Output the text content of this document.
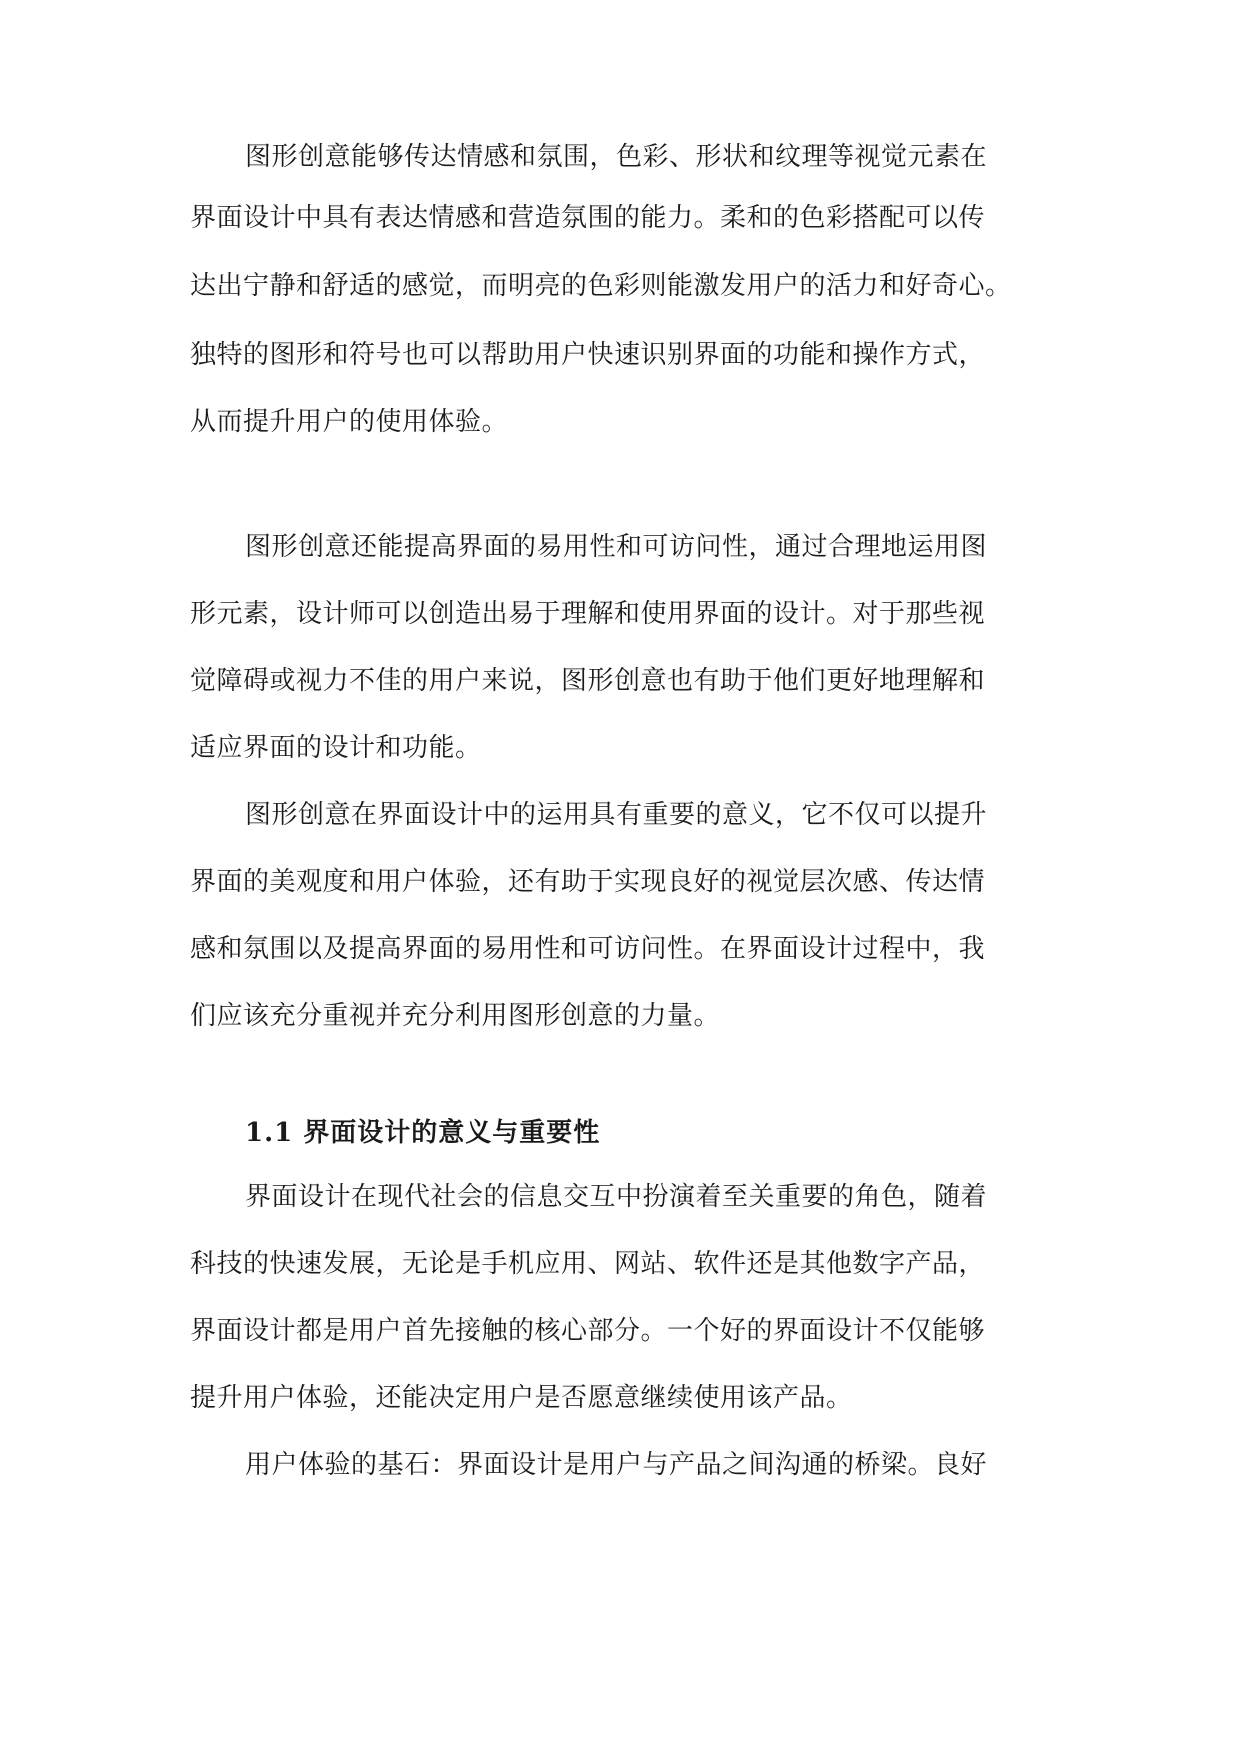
图形创意能够传达情感和氛围，色彩、形状和纹理等视觉元素在
界面设计中具有表达情感和营造氛围的能力。柔和的色彩搭配可以传
达出宁静和舒适的感觉，而明亮的色彩则能激发用户的活力和好奇心。
独特的图形和符号也可以帮助用户快速识别界面的功能和操作方式，
从而提升用户的使用体验。
图形创意还能提高界面的易用性和可访问性，通过合理地运用图
形元素，设计师可以创造出易于理解和使用界面的设计。对于那些视
觉障碍或视力不佳的用户来说，图形创意也有助于他们更好地理解和
适应界面的设计和功能。
图形创意在界面设计中的运用具有重要的意义，它不仅可以提升
界面的美观度和用户体验，还有助于实现良好的视觉层次感、传达情
感和氛围以及提高界面的易用性和可访问性。在界面设计过程中，我
们应该充分重视并充分利用图形创意的力量。
1.1 界面设计的意义与重要性
界面设计在现代社会的信息交互中扮演着至关重要的角色，随着
科技的快速发展，无论是手机应用、网站、软件还是其他数字产品，
界面设计都是用户首先接触的核心部分。一个好的界面设计不仅能够
提升用户体验，还能决定用户是否愿意继续使用该产品。
用户体验的基石：界面设计是用户与产品之间沟通的桥梁。良好
